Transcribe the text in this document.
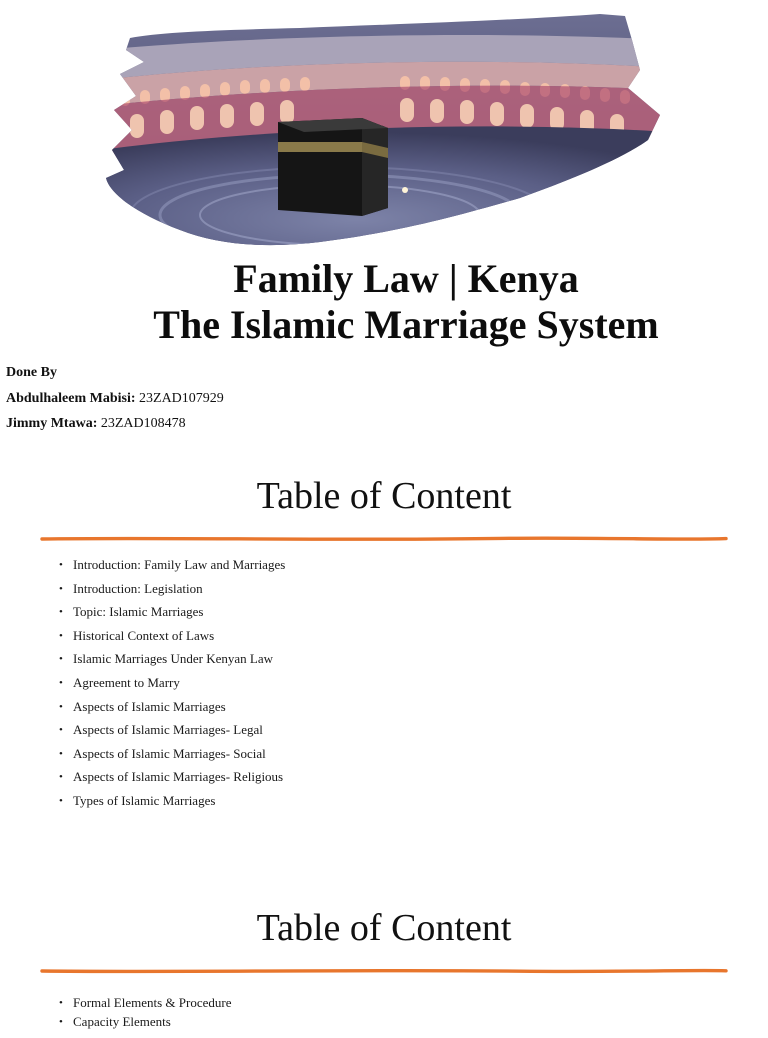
Family Law | Kenya
The Islamic Marriage System
Done By
Abdulhaleem Mabisi: 23ZAD107929
Jimmy Mtawa: 23ZAD108478
Table of Content
• Introduction: Family Law and Marriages
• Introduction: Legislation
• Topic: Islamic Marriages
• Historical Context of Laws
• Islamic Marriages Under Kenyan Law
• Agreement to Marry
• Aspects of Islamic Marriages
• Aspects of Islamic Marriages- Legal
• Aspects of Islamic Marriages- Social
• Aspects of Islamic Marriages- Religious
• Types of Islamic Marriages
Table of Content
• Formal Elements & Procedure
• Capacity Elements
